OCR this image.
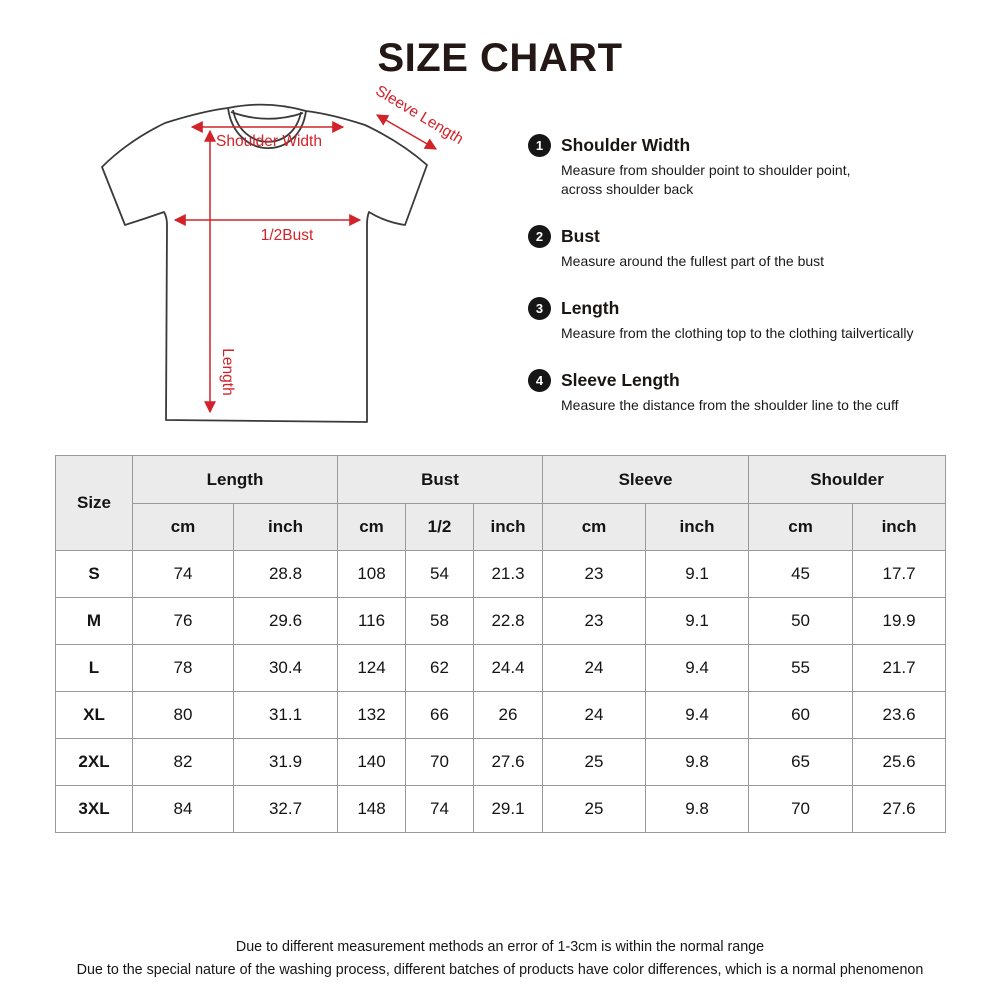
SIZE CHART
Shoulder Width	Sleeve Length
1/2Bust
Length
1	Shoulder Width
Measure from shoulder point to shoulder point,
across shoulder back
2	Bust
Measure around the fullest part of the bust
3	Length
Measure from the clothing top to the clothing tailvertically
4	Sleeve Length
Measure the distance from the shoulder line to the cuff
Size	Length		Bust			Sleeve		Shoulder	
	cm	inch	cm	1/2	inch	cm	inch	cm	inch
S	74	28.8	108	54	21.3	23	9.1	45	17.7
M	76	29.6	116	58	22.8	23	9.1	50	19.9
L	78	30.4	124	62	24.4	24	9.4	55	21.7
XL	80	31.1	132	66	26	24	9.4	60	23.6
2XL	82	31.9	140	70	27.6	25	9.8	65	25.6
3XL	84	32.7	148	74	29.1	25	9.8	70	27.6
Due to different measurement methods an error of 1-3cm is within the normal range
Due to the special nature of the washing process, different batches of products have color differences, which is a normal phenomenon
